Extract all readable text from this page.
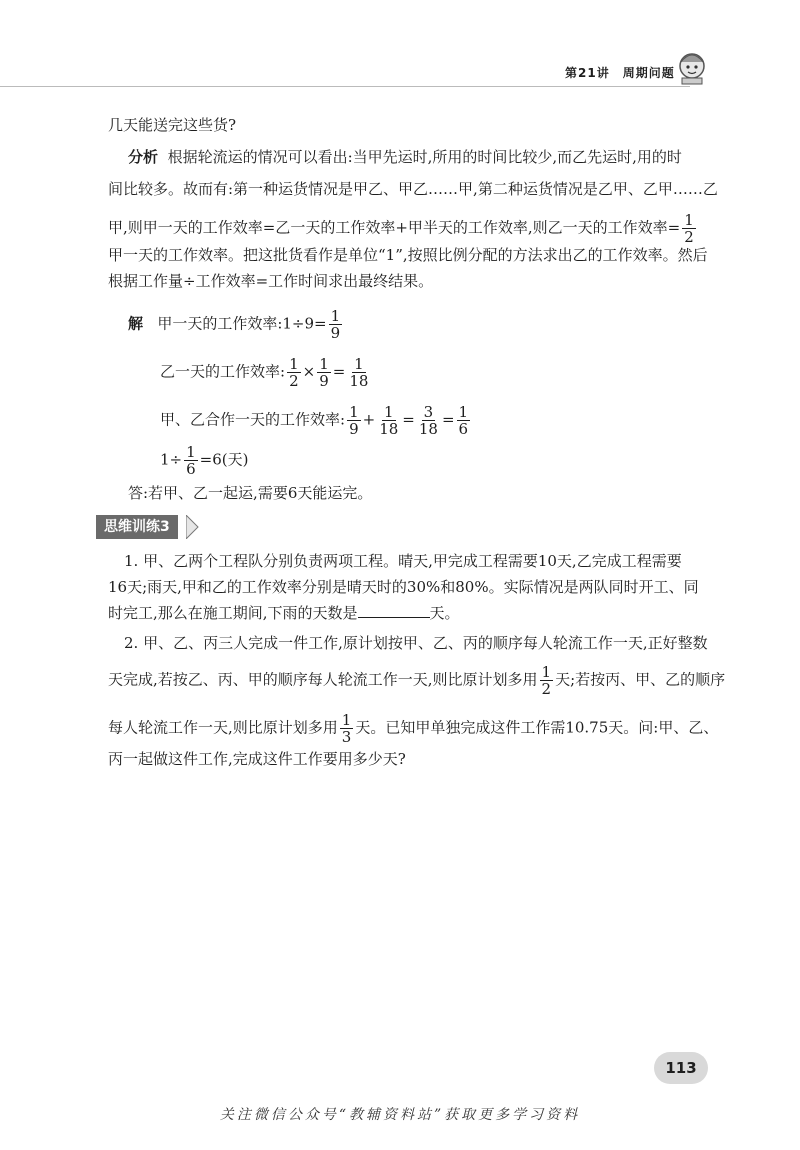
第21讲　周期问题
几天能送完这些货?
分析 根据轮流运的情况可以看出:当甲先运时,所用的时间比较少,而乙先运时,用的时
间比较多。故而有:第一种运货情况是甲乙、甲乙……甲,第二种运货情况是乙甲、乙甲……乙
甲,则甲一天的工作效率=乙一天的工作效率+甲半天的工作效率,则乙一天的工作效率= $\frac{1}{2}$
甲一天的工作效率。把这批货看作是单位“1”,按照比例分配的方法求出乙的工作效率。然后
根据工作量÷工作效率=工作时间求出最终结果。
解 甲一天的工作效率:1÷9= $\frac{1}{9}$
乙一天的工作效率: $\frac{1}{2} \times \frac{1}{9} = \frac{1}{18}$
甲、乙合作一天的工作效率: $\frac{1}{9} + \frac{1}{18} = \frac{3}{18} = \frac{1}{6}$
$1\div \frac{1}{6} =6$(天)
答:若甲、乙一起运,需要6天能运完。
思维训练3
1. 甲、乙两个工程队分别负责两项工程。晴天,甲完成工程需要10天,乙完成工程需要
16天;雨天,甲和乙的工作效率分别是晴天时的30%和80%。实际情况是两队同时开工、同
时完工,那么在施工期间,下雨的天数是	天。
2. 甲、乙、丙三人完成一件工作,原计划按甲、乙、丙的顺序每人轮流工作一天,正好整数
天完成,若按乙、丙、甲的顺序每人轮流工作一天,则比原计划多用 $\frac{1}{2}$ 天;若按丙、甲、乙的顺序
每人轮流工作一天,则比原计划多用 $\frac{1}{3}$ 天。已知甲单独完成这件工作需10.75天。问:甲、乙、
丙一起做这件工作,完成这件工作要用多少天?
113
关注微信公众号“教辅资料站”获取更多学习资料
